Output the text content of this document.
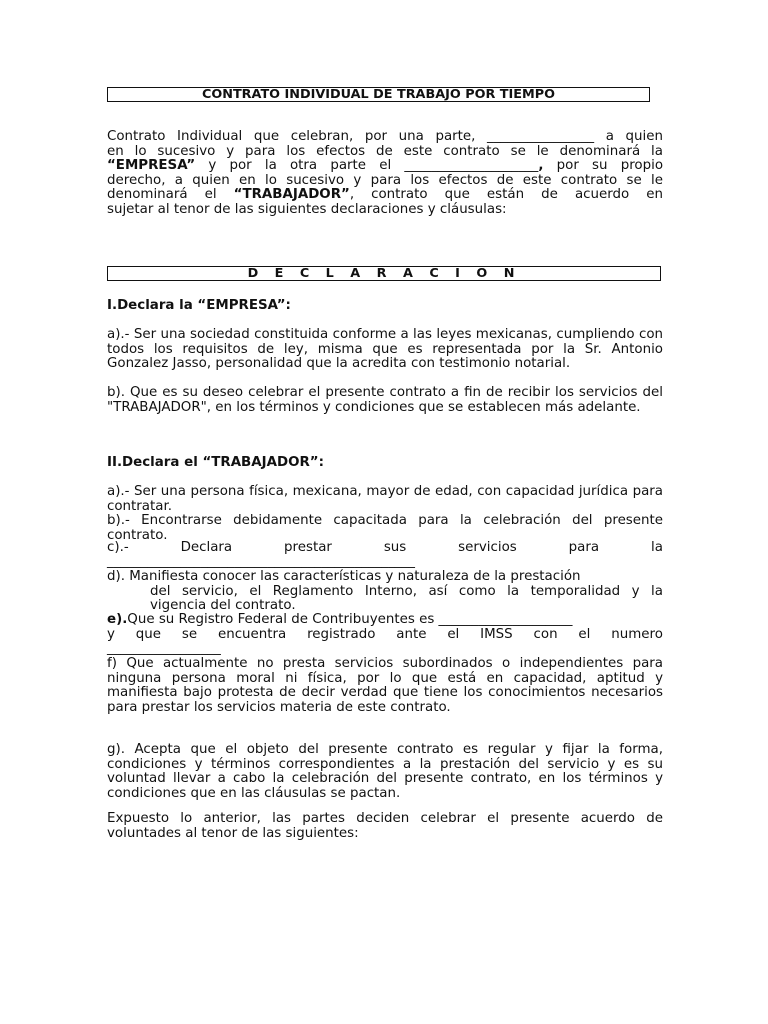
CONTRATO INDIVIDUAL DE TRABAJO POR TIEMPO
Contrato Individual que celebran, por una parte, ________________ a quien
en lo sucesivo y para los efectos de este contrato se le denominará la
“EMPRESA” y por la otra parte el ____________________, por su propio
derecho, a quien en lo sucesivo y para los efectos de este contrato se le
denominará el “TRABAJADOR”, contrato que están de acuerdo en
sujetar al tenor de las siguientes declaraciones y cláusulas:
D E C L A R A C I O N
I.Declara la “EMPRESA”:
a).- Ser una sociedad constituida conforme a las leyes mexicanas, cumpliendo con todos los requisitos de ley, misma que es representada por la Sr. Antonio Gonzalez Jasso, personalidad que la acredita con testimonio notarial.
b). Que es su deseo celebrar el presente contrato a fin de recibir los servicios del "TRABAJADOR", en los términos y condiciones que se establecen más adelante.
II.Declara el “TRABAJADOR”:
a).- Ser una persona física, mexicana, mayor de edad, con capacidad jurídica para contratar.
b).- Encontrarse debidamente capacitada para la celebración del presente contrato.
c).-	Declara	prestar	sus	servicios	para	la
______________________________________________
d). Manifiesta conocer las características y naturaleza de la prestación
del servicio, el Reglamento Interno, así como la temporalidad y la
vigencia del contrato.
e).Que su Registro Federal de Contribuyentes es ____________________
y que se encuentra registrado ante el IMSS con el numero
_________________
f) Que actualmente no presta servicios subordinados o independientes para ninguna persona moral ni física, por lo que está en capacidad, aptitud y manifiesta bajo protesta de decir verdad que tiene los conocimientos necesarios para prestar los servicios materia de este contrato.
g). Acepta que el objeto del presente contrato es regular y fijar la forma, condiciones y términos correspondientes a la prestación del servicio y es su voluntad llevar a cabo la celebración del presente contrato, en los términos y condiciones que en las cláusulas se pactan.
Expuesto lo anterior, las partes deciden celebrar el presente acuerdo de voluntades al tenor de las siguientes:
